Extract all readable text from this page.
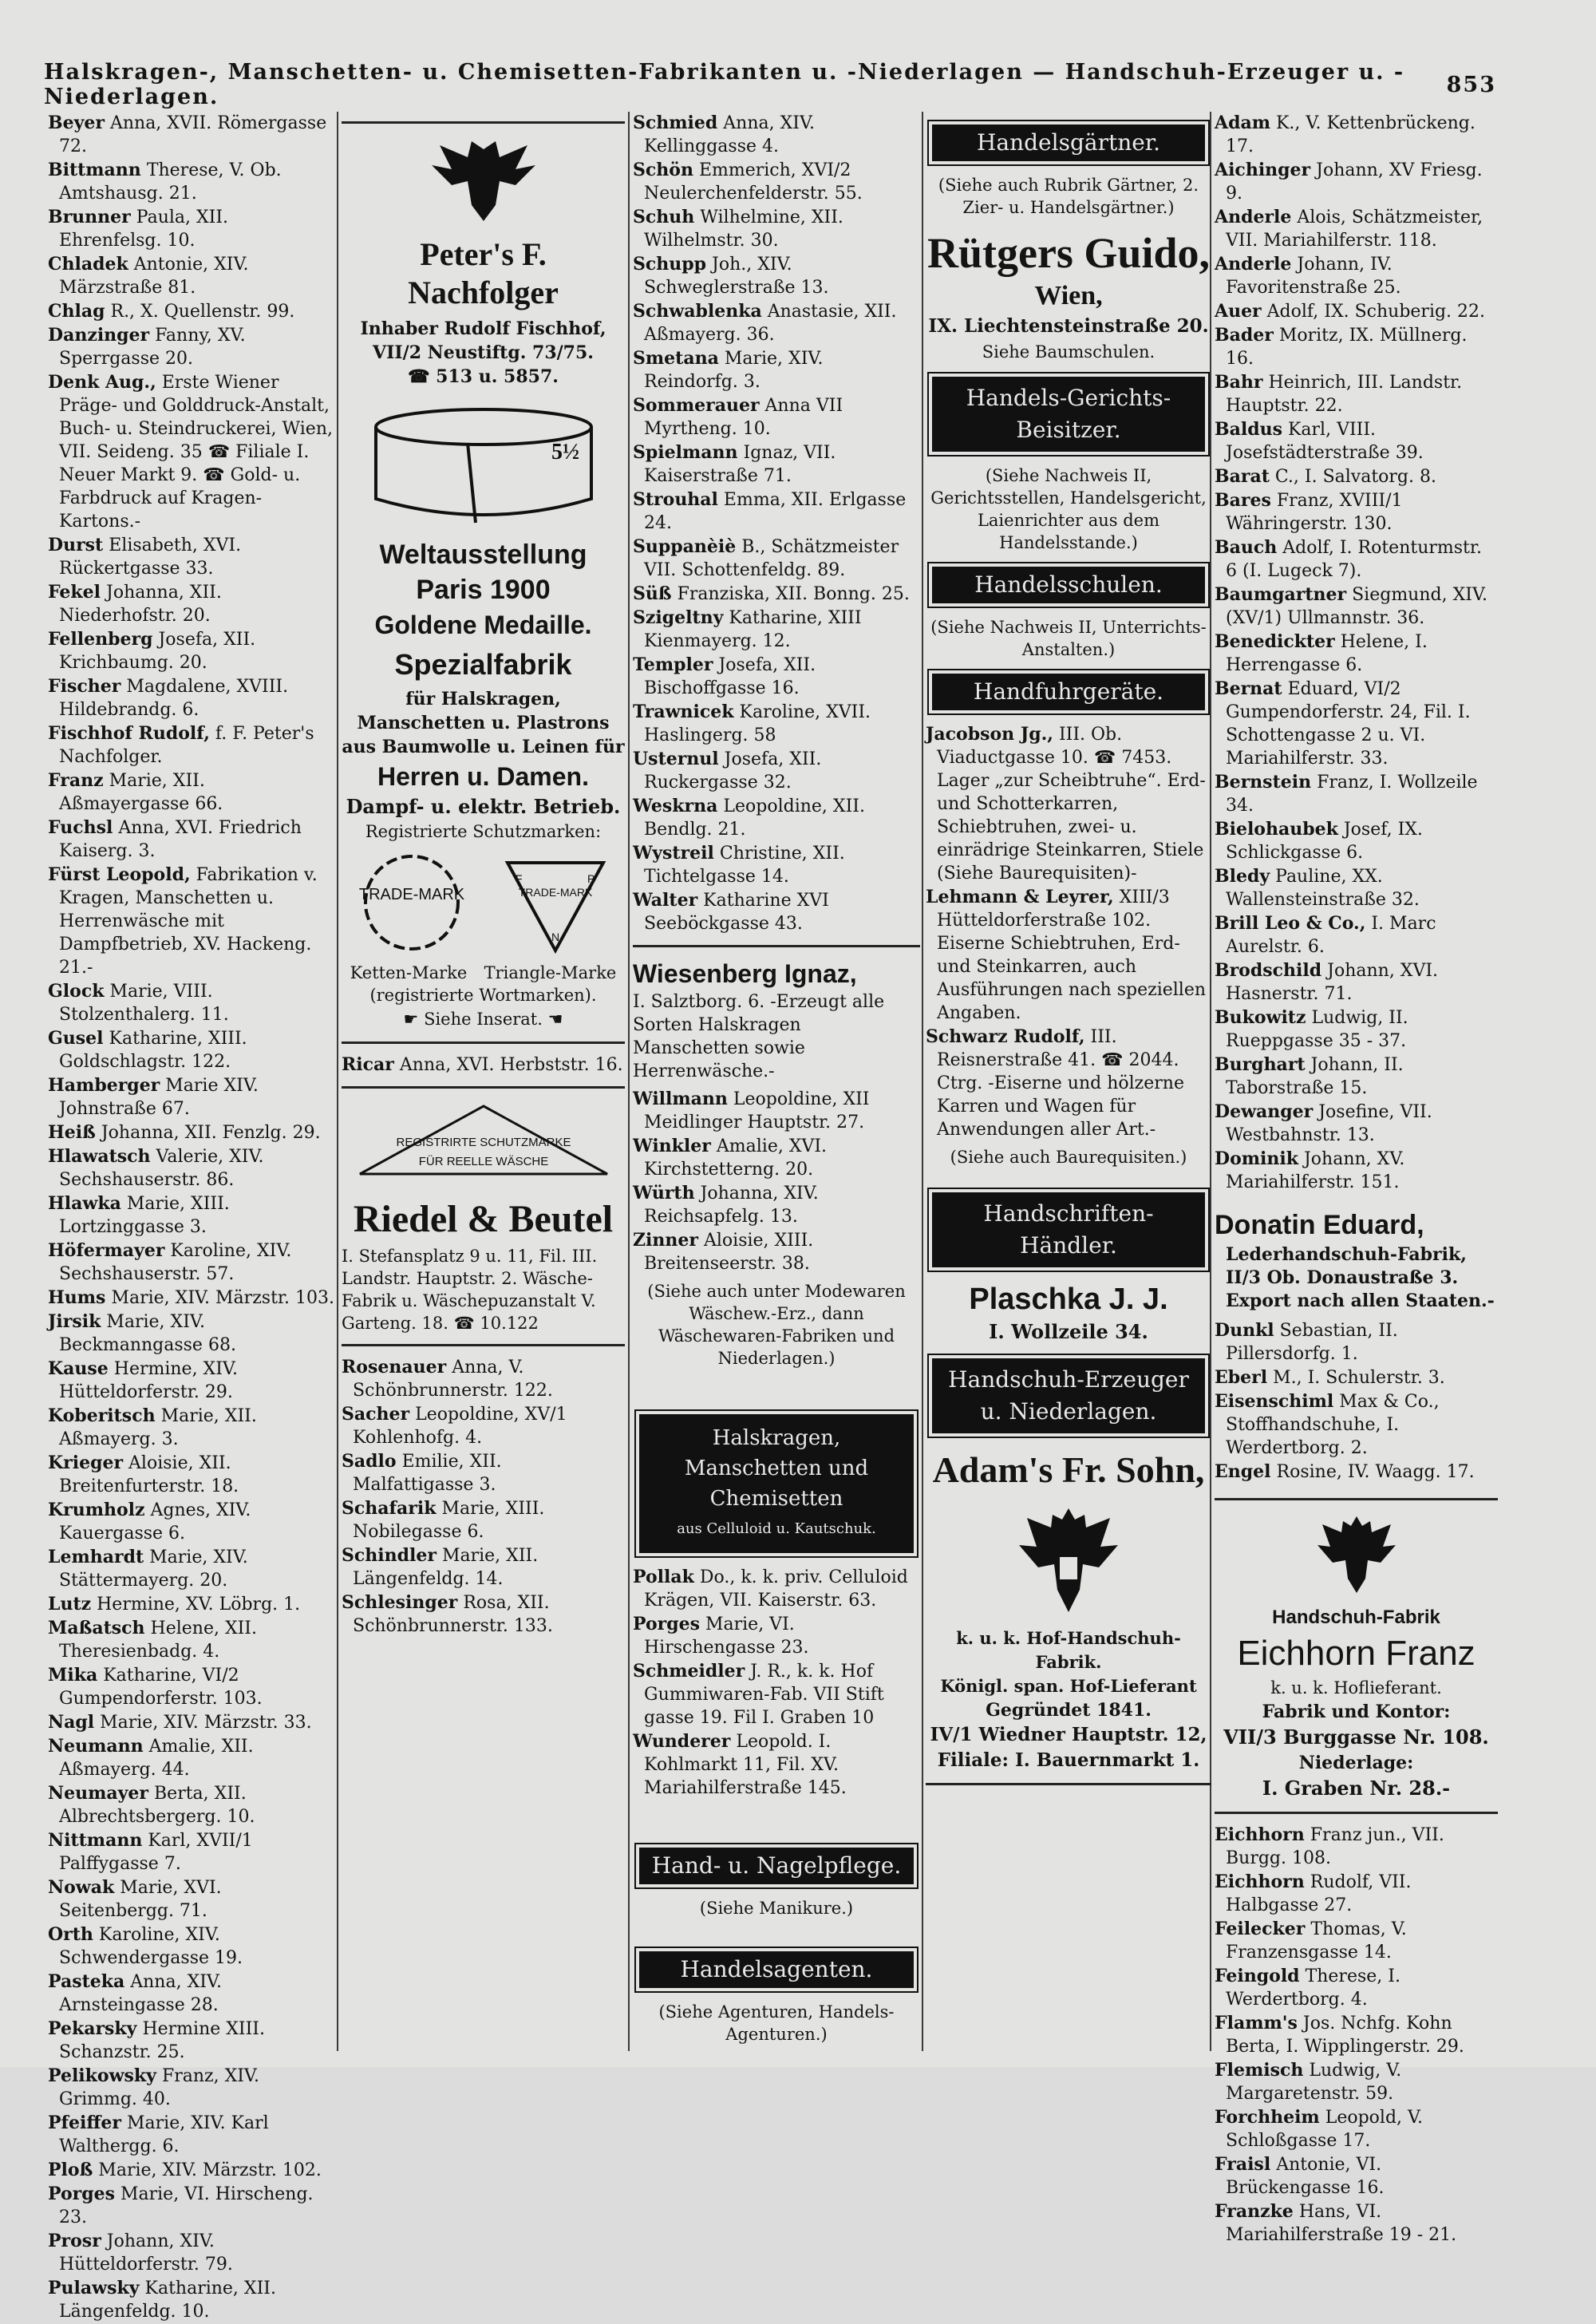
Halskragen-, Manschetten- u. Chemisetten-Fabrikanten u. -Niederlagen — Handschuh-Erzeuger u. -Niederlagen.	853
Beyer Anna, XVII. Römergasse 72.
Bittmann Therese, V. Ob. Amtshausg. 21.
Brunner Paula, XII. Ehrenfelsg. 10.
Chladek Antonie, XIV. Märzstraße 81.
Chlag R., X. Quellenstr. 99.
Danzinger Fanny, XV. Sperrgasse 20.
Denk Aug., Erste Wiener Präge- und Golddruck-Anstalt, Buch- u. Steindruckerei, Wien, VII. Seideng. 35 ☎ Filiale I. Neuer Markt 9. ☎ Gold- u. Farbdruck auf Kragen-Kartons.-
Durst Elisabeth, XVI. Rückertgasse 33.
Fekel Johanna, XII. Niederhofstr. 20.
Fellenberg Josefa, XII. Krichbaumg. 20.
Fischer Magdalene, XVIII. Hildebrandg. 6.
Fischhof Rudolf, f. F. Peter's Nachfolger.
Franz Marie, XII. Aßmayergasse 66.
Fuchsl Anna, XVI. Friedrich Kaiserg. 3.
Fürst Leopold, Fabrikation v. Kragen, Manschetten u. Herrenwäsche mit Dampfbetrieb, XV. Hackeng. 21.-
Glock Marie, VIII. Stolzenthalerg. 11.
Gusel Katharine, XIII. Goldschlagstr. 122.
Hamberger Marie XIV. Johnstraße 67.
Heiß Johanna, XII. Fenzlg. 29.
Hlawatsch Valerie, XIV. Sechshauserstr. 86.
Hlawka Marie, XIII. Lortzinggasse 3.
Höfermayer Karoline, XIV. Sechshauserstr. 57.
Hums Marie, XIV. Märzstr. 103.
Jirsik Marie, XIV. Beckmanngasse 68.
Kause Hermine, XIV. Hütteldorferstr. 29.
Koberitsch Marie, XII. Aßmayerg. 3.
Krieger Aloisie, XII. Breitenfurterstr. 18.
Krumholz Agnes, XIV. Kauergasse 6.
Lemhardt Marie, XIV. Stättermayerg. 20.
Lutz Hermine, XV. Löbrg. 1.
Maßatsch Helene, XII. Theresienbadg. 4.
Mika Katharine, VI/2 Gumpendorferstr. 103.
Nagl Marie, XIV. Märzstr. 33.
Neumann Amalie, XII. Aßmayerg. 44.
Neumayer Berta, XII. Albrechtsbergerg. 10.
Nittmann Karl, XVII/1 Palffygasse 7.
Nowak Marie, XVI. Seitenbergg. 71.
Orth Karoline, XIV. Schwendergasse 19.
Pasteka Anna, XIV. Arnsteingasse 28.
Pekarsky Hermine XIII. Schanzstr. 25.
Pelikowsky Franz, XIV. Grimmg. 40.
Pfeiffer Marie, XIV. Karl Walthergg. 6.
Ploß Marie, XIV. Märzstr. 102.
Porges Marie, VI. Hirscheng. 23.
Prosr Johann, XIV. Hütteldorferstr. 79.
Pulawsky Katharine, XII. Längenfeldg. 10.
Peter's F. Nachfolger
Inhaber Rudolf Fischhof, VII/2 Neustiftg. 73/75.
☎ 513 u. 5857.
5½
Weltausstellung
Paris 1900
Goldene Medaille.
Spezialfabrik
für Halskragen, Manschetten u. Plastrons aus Baumwolle u. Leinen für
Herren u. Damen.
Dampf- u. elektr. Betrieb.
Registrierte Schutzmarken:
TRADE-MARK	TRADE-MARK
F	P
N
Ketten-Marke Triangle-Marke
(registrierte Wortmarken).
☛ Siehe Inserat. ☚
Ricar Anna, XVI. Herbststr. 16.
REGISTRIRTE SCHUTZMARKE
FÜR REELLE WÄSCHE
Riedel & Beutel
I. Stefansplatz 9 u. 11, Fil. III. Landstr. Hauptstr. 2. Wäsche-Fabrik u. Wäschepuzanstalt V. Garteng. 18. ☎ 10.122
Rosenauer Anna, V. Schönbrunnerstr. 122.
Sacher Leopoldine, XV/1 Kohlenhofg. 4.
Sadlo Emilie, XII. Malfattigasse 3.
Schafarik Marie, XIII. Nobilegasse 6.
Schindler Marie, XII. Längenfeldg. 14.
Schlesinger Rosa, XII. Schönbrunnerstr. 133.
Schmied Anna, XIV. Kellinggasse 4.
Schön Emmerich, XVI/2 Neulerchenfelderstr. 55.
Schuh Wilhelmine, XII. Wilhelmstr. 30.
Schupp Joh., XIV. Schweglerstraße 13.
Schwablenka Anastasie, XII. Aßmayerg. 36.
Smetana Marie, XIV. Reindorfg. 3.
Sommerauer Anna VII Myrtheng. 10.
Spielmann Ignaz, VII. Kaiserstraße 71.
Strouhal Emma, XII. Erlgasse 24.
Suppanèiè B., Schätzmeister VII. Schottenfeldg. 89.
Süß Franziska, XII. Bonng. 25.
Szigeltny Katharine, XIII Kienmayerg. 12.
Templer Josefa, XII. Bischoffgasse 16.
Trawnicek Karoline, XVII. Haslingerg. 58
Usternul Josefa, XII. Ruckergasse 32.
Weskrna Leopoldine, XII. Bendlg. 21.
Wystreil Christine, XII. Tichtelgasse 14.
Walter Katharine XVI Seeböckgasse 43.
Wiesenberg Ignaz,
I. Salztborg. 6. -Erzeugt alle Sorten Halskragen Manschetten sowie Herrenwäsche.-
Willmann Leopoldine, XII Meidlinger Hauptstr. 27.
Winkler Amalie, XVI. Kirchstetterng. 20.
Würth Johanna, XIV. Reichsapfelg. 13.
Zinner Aloisie, XIII. Breitenseerstr. 38.
(Siehe auch unter Modewaren Wäschew.-Erz., dann Wäschewaren-Fabriken und Niederlagen.)
Halskragen,
Manschetten und
Chemisetten
aus Celluloid u. Kautschuk.
Pollak Do., k. k. priv. Celluloid Krägen, VII. Kaiserstr. 63.
Porges Marie, VI. Hirschengasse 23.
Schmeidler J. R., k. k. Hof Gummiwaren-Fab. VII Stift gasse 19. Fil I. Graben 10
Wunderer Leopold. I. Kohlmarkt 11, Fil. XV. Mariahilferstraße 145.
Hand- u. Nagelpflege.
(Siehe Manikure.)
Handelsagenten.
(Siehe Agenturen, Handels-Agenturen.)
Handelsgärtner.
(Siehe auch Rubrik Gärtner, 2. Zier- u. Handelsgärtner.)
Rütgers Guido,
Wien,
IX. Liechtensteinstraße 20.
Siehe Baumschulen.
Handels-Gerichts-
Beisitzer.
(Siehe Nachweis II, Gerichtsstellen, Handelsgericht, Laienrichter aus dem Handelsstande.)
Handelsschulen.
(Siehe Nachweis II, Unterrichts-Anstalten.)
Handfuhrgeräte.
Jacobson Jg., III. Ob. Viaductgasse 10. ☎ 7453. Lager „zur Scheibtruhe“. Erd- und Schotterkarren, Schiebtruhen, zwei- u. einrädrige Steinkarren, Stiele (Siehe Baurequisiten)-
Lehmann & Leyrer, XIII/3 Hütteldorferstraße 102. Eiserne Schiebtruhen, Erd- und Steinkarren, auch Ausführungen nach speziellen Angaben.
Schwarz Rudolf, III. Reisnerstraße 41. ☎ 2044. Ctrg. -Eiserne und hölzerne Karren und Wagen für Anwendungen aller Art.-
(Siehe auch Baurequisiten.)
Handschriften-
Händler.
Plaschka J. J.
I. Wollzeile 34.
Handschuh-Erzeuger
u. Niederlagen.
Adam's Fr. Sohn,
k. u. k. Hof-Handschuh-Fabrik.
Königl. span. Hof-Lieferant
Gegründet 1841.
IV/1 Wiedner Hauptstr. 12,
Filiale: I. Bauernmarkt 1.
Adam K., V. Kettenbrückeng. 17.
Aichinger Johann, XV Friesg. 9.
Anderle Alois, Schätzmeister, VII. Mariahilferstr. 118.
Anderle Johann, IV. Favoritenstraße 25.
Auer Adolf, IX. Schuberig. 22.
Bader Moritz, IX. Müllnerg. 16.
Bahr Heinrich, III. Landstr. Hauptstr. 22.
Baldus Karl, VIII. Josefstädterstraße 39.
Barat C., I. Salvatorg. 8.
Bares Franz, XVIII/1 Währingerstr. 130.
Bauch Adolf, I. Rotenturmstr. 6 (I. Lugeck 7).
Baumgartner Siegmund, XIV. (XV/1) Ullmannstr. 36.
Benedickter Helene, I. Herrengasse 6.
Bernat Eduard, VI/2 Gumpendorferstr. 24, Fil. I. Schottengasse 2 u. VI. Mariahilferstr. 33.
Bernstein Franz, I. Wollzeile 34.
Bielohaubek Josef, IX. Schlickgasse 6.
Bledy Pauline, XX. Wallensteinstraße 32.
Brill Leo & Co., I. Marc Aurelstr. 6.
Brodschild Johann, XVI. Hasnerstr. 71.
Bukowitz Ludwig, II. Rueppgasse 35 - 37.
Burghart Johann, II. Taborstraße 15.
Dewanger Josefine, VII. Westbahnstr. 13.
Dominik Johann, XV. Mariahilferstr. 151.
Donatin Eduard,
Lederhandschuh-Fabrik, II/3 Ob. Donaustraße 3. Export nach allen Staaten.-
Dunkl Sebastian, II. Pillersdorfg. 1.
Eberl M., I. Schulerstr. 3.
Eisenschiml Max & Co., Stoffhandschuhe, I. Werdertborg. 2.
Engel Rosine, IV. Waagg. 17.
Handschuh-Fabrik
Eichhorn Franz
k. u. k. Hoflieferant.
Fabrik und Kontor:
VII/3 Burggasse Nr. 108.
Niederlage:
I. Graben Nr. 28.-
Eichhorn Franz jun., VII. Burgg. 108.
Eichhorn Rudolf, VII. Halbgasse 27.
Feilecker Thomas, V. Franzensgasse 14.
Feingold Therese, I. Werdertborg. 4.
Flamm's Jos. Nchfg. Kohn Berta, I. Wipplingerstr. 29.
Flemisch Ludwig, V. Margaretenstr. 59.
Forchheim Leopold, V. Schloßgasse 17.
Fraisl Antonie, VI. Brückengasse 16.
Franzke Hans, VI. Mariahilferstraße 19 - 21.
